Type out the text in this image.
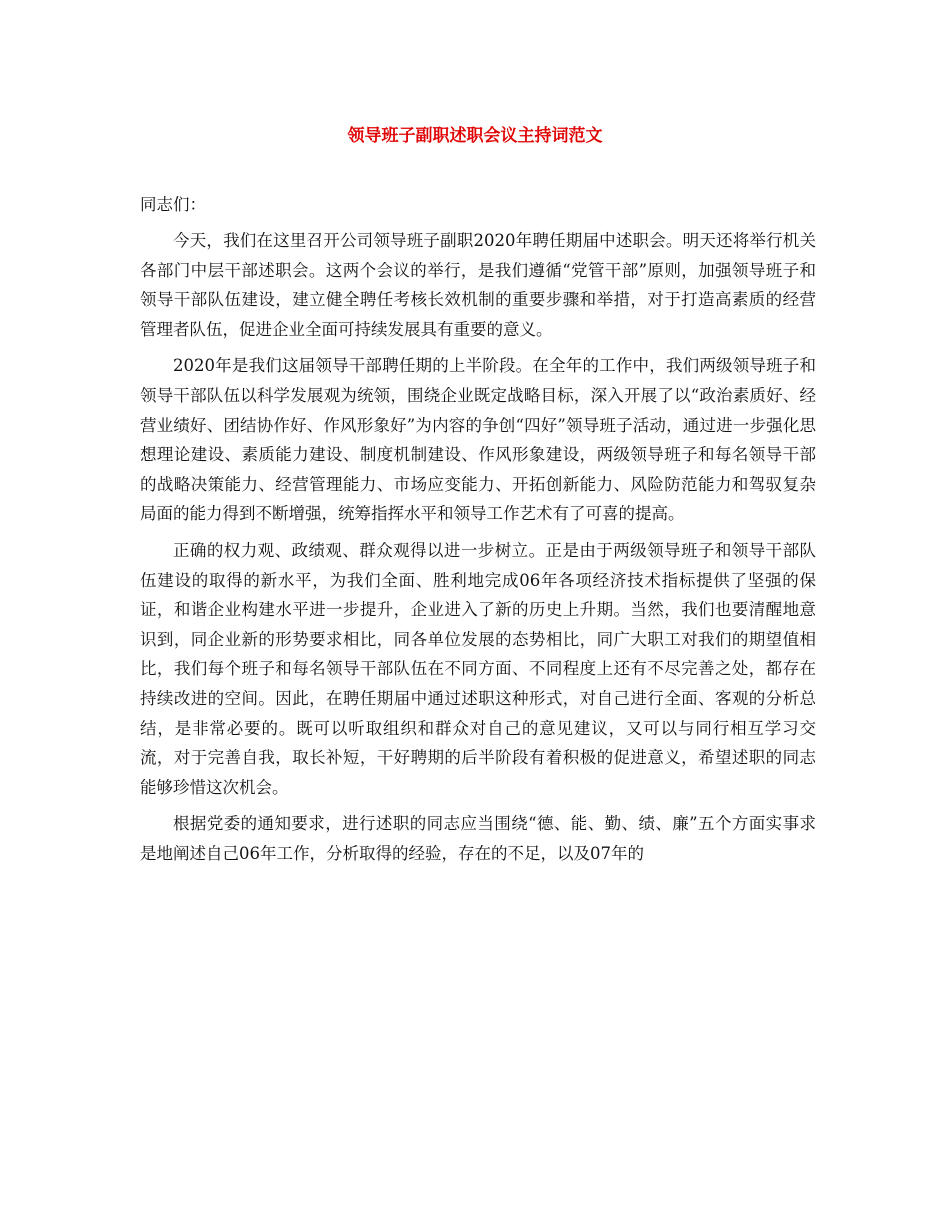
领导班子副职述职会议主持词范文

同志们：

今天，我们在这里召开公司领导班子副职2020年聘任期届中述职会。明天还将举行机关各部门中层干部述职会。这两个会议的举行，是我们遵循“党管干部”原则，加强领导班子和领导干部队伍建设，建立健全聘任考核长效机制的重要步骤和举措，对于打造高素质的经营管理者队伍，促进企业全面可持续发展具有重要的意义。

2020年是我们这届领导干部聘任期的上半阶段。在全年的工作中，我们两级领导班子和领导干部队伍以科学发展观为统领，围绕企业既定战略目标，深入开展了以“政治素质好、经营业绩好、团结协作好、作风形象好”为内容的争创“四好”领导班子活动，通过进一步强化思想理论建设、素质能力建设、制度机制建设、作风形象建设，两级领导班子和每名领导干部的战略决策能力、经营管理能力、市场应变能力、开拓创新能力、风险防范能力和驾驭复杂局面的能力得到不断增强，统筹指挥水平和领导工作艺术有了可喜的提高。

正确的权力观、政绩观、群众观得以进一步树立。正是由于两级领导班子和领导干部队伍建设的取得的新水平，为我们全面、胜利地完成06年各项经济技术指标提供了坚强的保证，和谐企业构建水平进一步提升，企业进入了新的历史上升期。当然，我们也要清醒地意识到，同企业新的形势要求相比，同各单位发展的态势相比，同广大职工对我们的期望值相比，我们每个班子和每名领导干部队伍在不同方面、不同程度上还有不尽完善之处，都存在持续改进的空间。因此，在聘任期届中通过述职这种形式，对自己进行全面、客观的分析总结，是非常必要的。既可以听取组织和群众对自己的意见建议，又可以与同行相互学习交流，对于完善自我，取长补短，干好聘期的后半阶段有着积极的促进意义，希望述职的同志能够珍惜这次机会。

根据党委的通知要求，进行述职的同志应当围绕“德、能、勤、绩、廉”五个方面实事求是地阐述自己06年工作，分析取得的经验，存在的不足，以及07年的
